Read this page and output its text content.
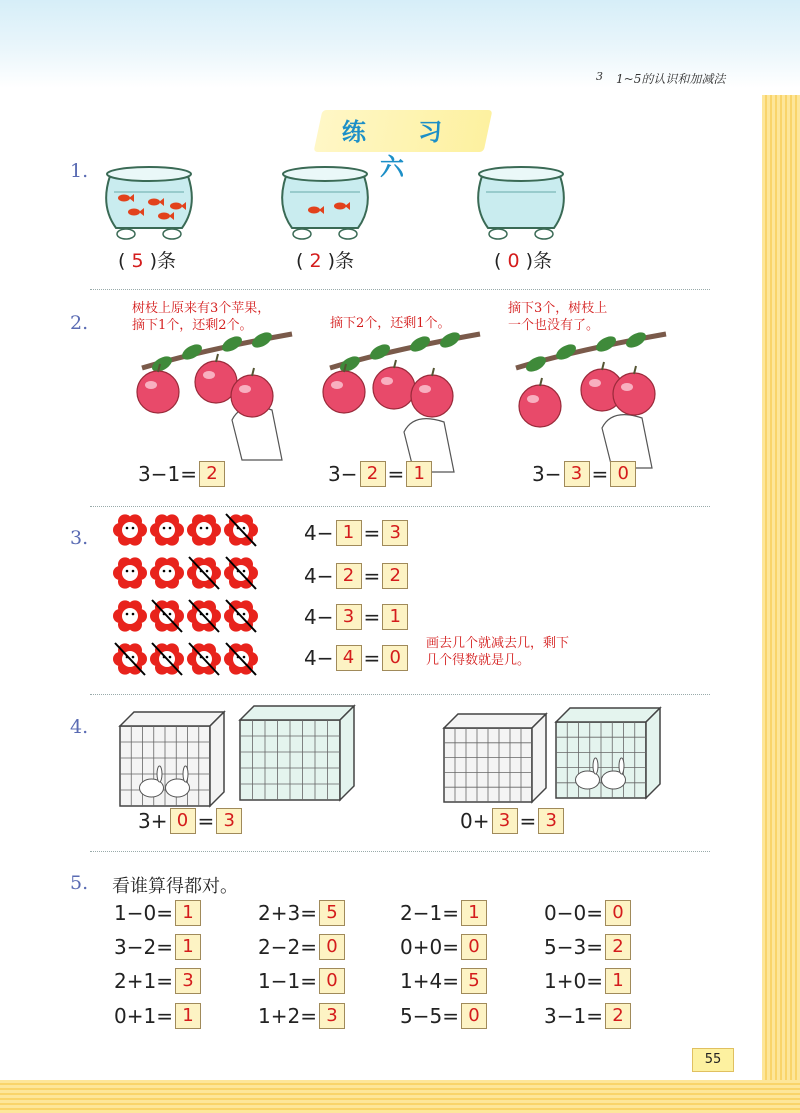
3 1~5的认识和加减法
练 习 六
1.
( 5 )条	( 2 )条	( 0 )条
2.
树枝上原来有3个苹果，
摘下1个，还剩2个。	摘下2个，还剩1个。
摘下3个，树枝上
一个也没有了。
3 − 1 = 2	3 − 2 = 1	3 − 3 = 0
3.	4 − 1 = 3
4 − 2 = 2
4 − 3 = 1
4 − 4 = 0
画去几个就减去几，剩下
几个得数就是几。
4.
3 + 0 = 3	0 + 3 = 3
5. 看谁算得都对。
1−0= 1	2+3= 5	2−1= 1	0−0= 0
3−2= 1	2−2= 0	0+0= 0	5−3= 2
2+1= 3	1−1= 0	1+4= 5	1+0= 1
0+1= 1	1+2= 3	5−5= 0	3−1= 2
55
